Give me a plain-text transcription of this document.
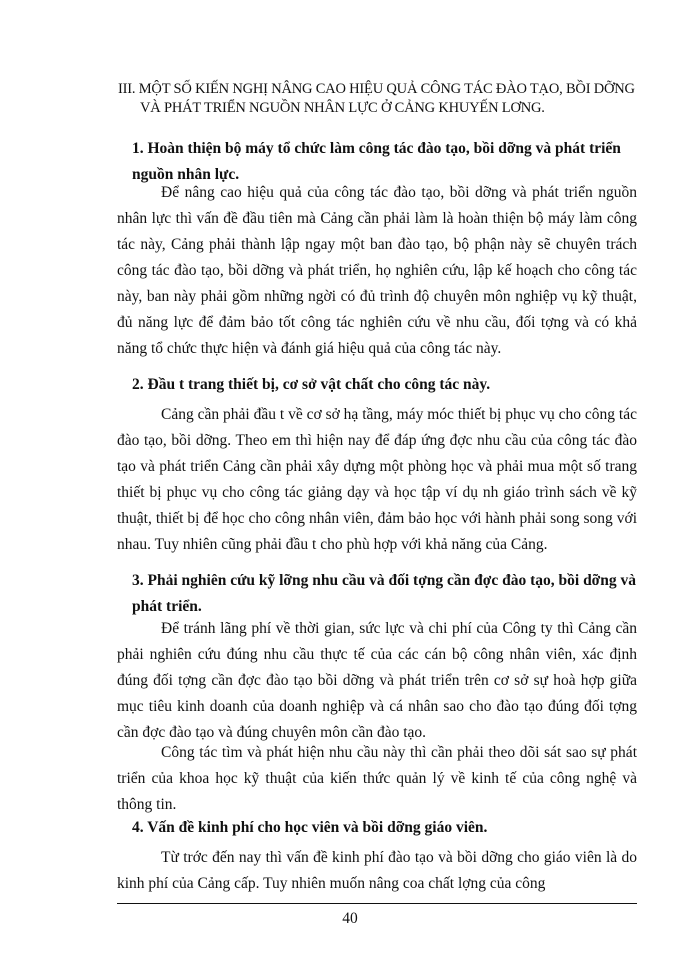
III. MỘT SỐ KIẾN NGHỊ NÂNG CAO HIỆU QUẢ CÔNG TÁC ĐÀO TẠO, BỒI DỠNG
VÀ PHÁT TRIỂN NGUỒN NHÂN LỰC Ở CẢNG KHUYẾN LƠNG.
1. Hoàn thiện bộ máy tổ chức làm công tác đào tạo, bồi dỡng và phát triển nguồn nhân lực.

Để nâng cao hiệu quả của công tác đào tạo, bồi dỡng và phát triển nguồn nhân lực thì vấn đề đầu tiên mà Cảng cần phải làm là hoàn thiện bộ máy làm công tác này, Cảng phải thành lập ngay một ban đào tạo, bộ phận này sẽ chuyên trách công tác đào tạo, bồi dỡng và phát triển, họ nghiên cứu, lập kế hoạch cho công tác này, ban này phải gồm những ngời có đủ trình độ chuyên môn nghiệp vụ kỹ thuật, đủ năng lực để đảm bảo tốt công tác nghiên cứu về nhu cầu, đối tợng và có khả năng tổ chức thực hiện và đánh giá hiệu quả của công tác này.

2. Đầu t trang thiết bị, cơ sở vật chất cho công tác này.

Cảng cần phải đầu t về cơ sở hạ tầng, máy móc thiết bị phục vụ cho công tác đào tạo, bồi dỡng. Theo em thì hiện nay để đáp ứng đợc nhu cầu của công tác đào tạo và phát triển Cảng cần phải xây dựng một phòng học và phải mua một số trang thiết bị phục vụ cho công tác giảng dạy và học tập ví dụ nh giáo trình sách về kỹ thuật, thiết bị để học cho công nhân viên, đảm bảo học với hành phải song song với nhau. Tuy nhiên cũng phải đầu t cho phù hợp với khả năng của Cảng.

3. Phải nghiên cứu kỹ lỡng nhu cầu và đối tợng cần đợc đào tạo, bồi dỡng và phát triển.

Để tránh lãng phí về thời gian, sức lực và chi phí của Công ty thì Cảng cần phải nghiên cứu đúng nhu cầu thực tế của các cán bộ công nhân viên, xác định đúng đối tợng cần đợc đào tạo bồi dỡng và phát triển trên cơ sở sự hoà hợp giữa mục tiêu kinh doanh của doanh nghiệp và cá nhân sao cho đào tạo đúng đối tợng cần đợc đào tạo và đúng chuyên môn cần đào tạo.

Công tác tìm và phát hiện nhu cầu này thì cần phải theo dõi sát sao sự phát triển của khoa học kỹ thuật của kiến thức quản lý về kinh tế của công nghệ và thông tin.

4. Vấn đề kinh phí cho học viên và bồi dỡng giáo viên.

Từ trớc đến nay thì vấn đề kinh phí đào tạo và bồi dỡng cho giáo viên là do kinh phí của Cảng cấp. Tuy nhiên muốn nâng coa chất lợng của công

40
